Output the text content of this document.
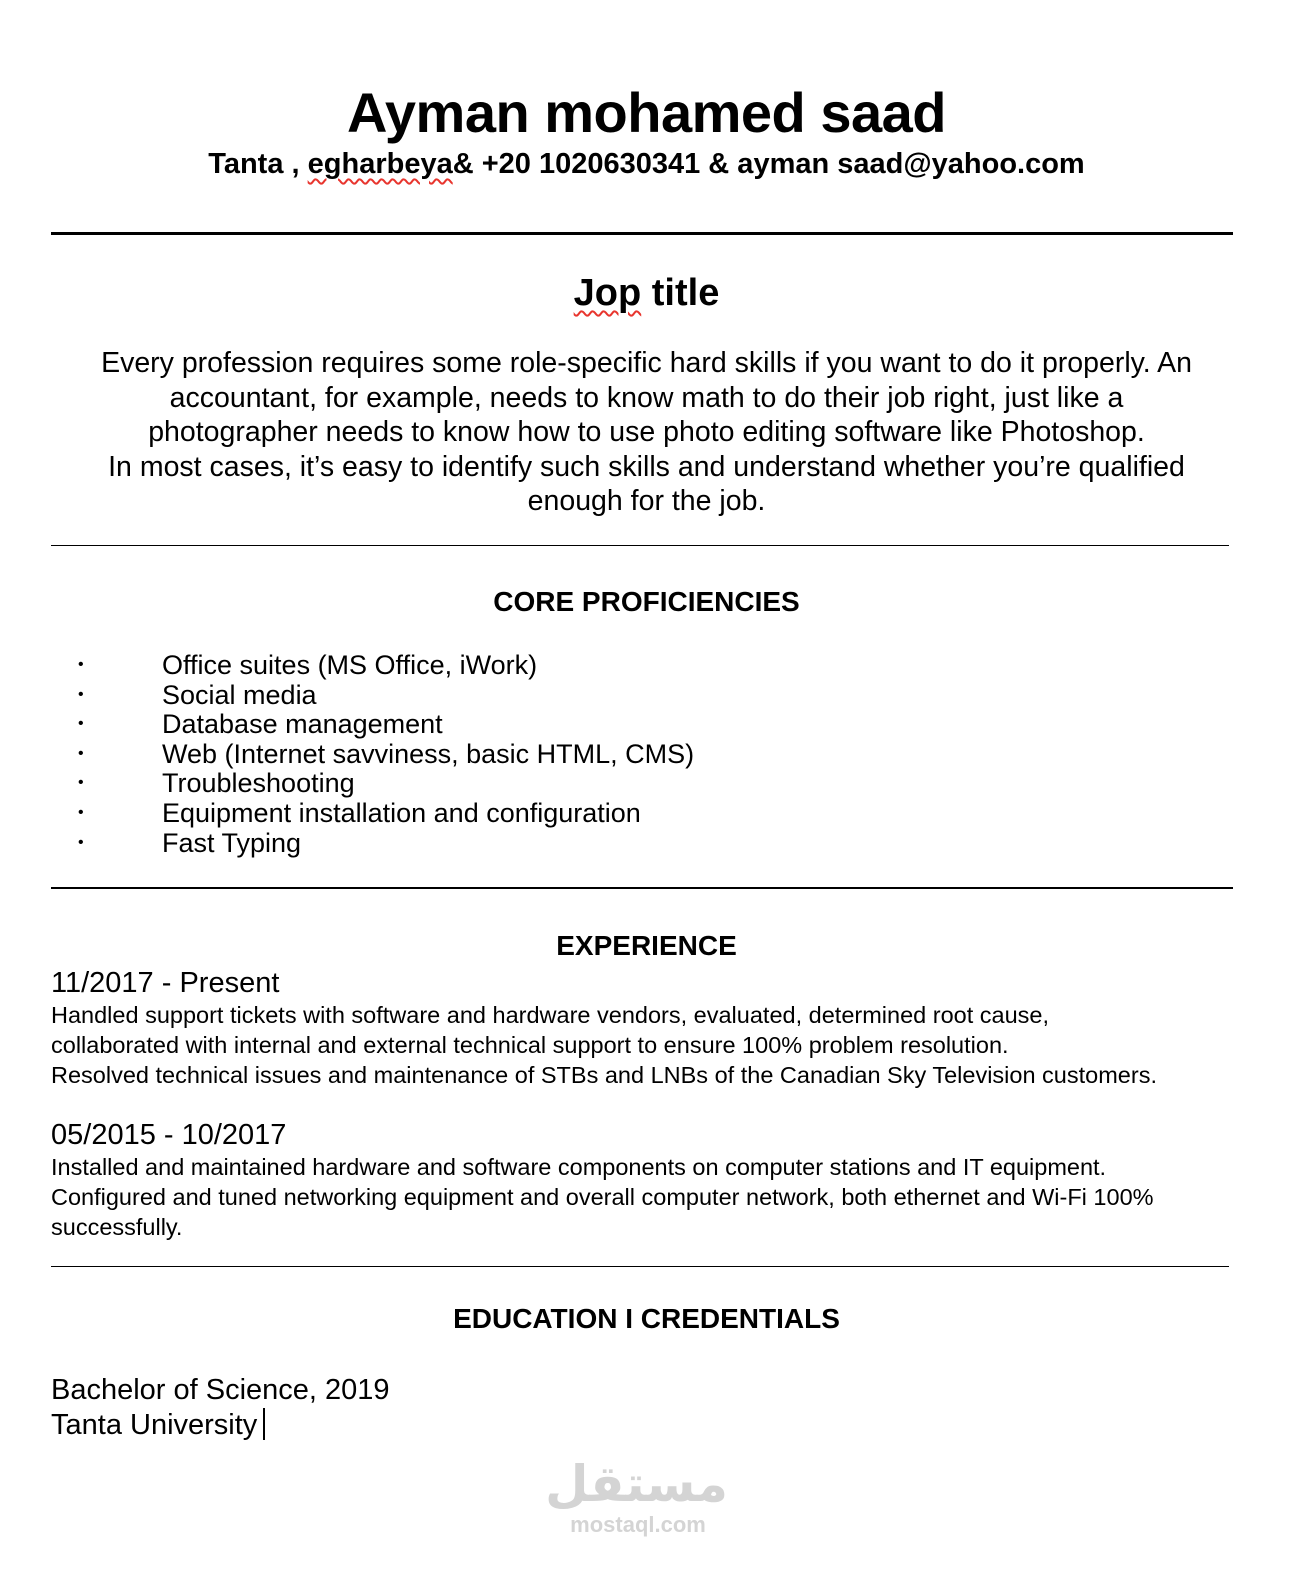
Ayman mohamed saad
Tanta , egharbeya& +20 1020630341 & ayman saad@yahoo.com
Jop title
Every profession requires some role-specific hard skills if you want to do it properly. An
accountant, for example, needs to know math to do their job right, just like a
photographer needs to know how to use photo editing software like Photoshop.
In most cases, it’s easy to identify such skills and understand whether you’re qualified
enough for the job.
CORE PROFICIENCIES
•	Office suites (MS Office, iWork)
•	Social media
•	Database management
•	Web (Internet savviness, basic HTML, CMS)
•	Troubleshooting
•	Equipment installation and configuration
•	Fast Typing
EXPERIENCE
11/2017 - Present
Handled support tickets with software and hardware vendors, evaluated, determined root cause,
collaborated with internal and external technical support to ensure 100% problem resolution.
Resolved technical issues and maintenance of STBs and LNBs of the Canadian Sky Television customers.
05/2015 - 10/2017
Installed and maintained hardware and software components on computer stations and IT equipment.
Configured and tuned networking equipment and overall computer network, both ethernet and Wi-Fi 100%
successfully.
EDUCATION I CREDENTIALS
Bachelor of Science, 2019
Tanta University
مستقل
mostaql.com
